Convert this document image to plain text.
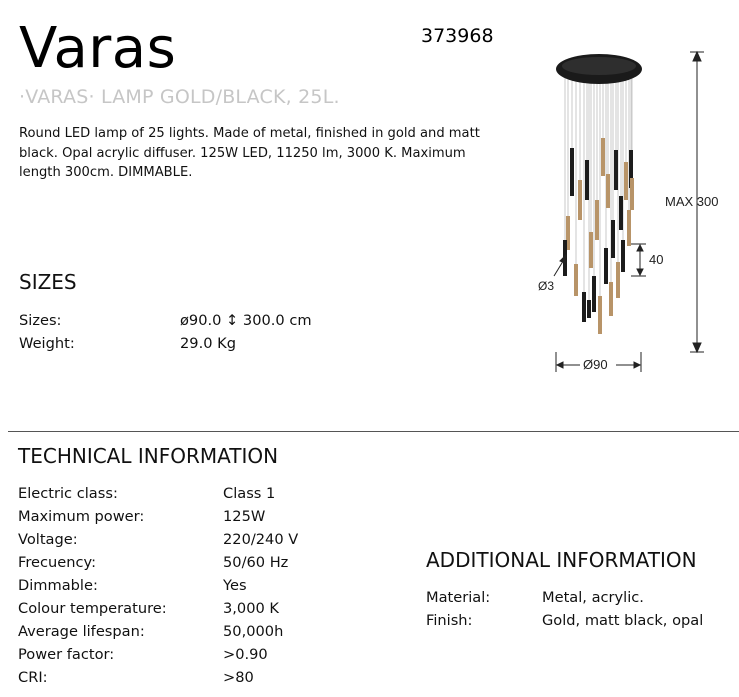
Varas	373968
·VARAS· LAMP GOLD/BLACK, 25L.
Round LED lamp of 25 lights. Made of metal, finished in gold and matt
black. Opal acrylic diffuser. 125W LED, 11250 lm, 3000 K. Maximum
length 300cm. DIMMABLE.
SIZES
Sizes:	ø90.0 ↕ 300.0 cm
Weight:	29.0 Kg
TECHNICAL INFORMATION
Electric class:	Class 1
Maximum power:	125W
Voltage:	220/240 V
Frecuency:	50/60 Hz
Dimmable:	Yes
Colour temperature:	3,000 K
Average lifespan:	50,000h
Power factor:	>0.90
CRI:	>80
ADDITIONAL INFORMATION
Material:	Metal, acrylic.
Finish:	Gold, matt black, opal
MAX 300
40
Ø3
Ø90
